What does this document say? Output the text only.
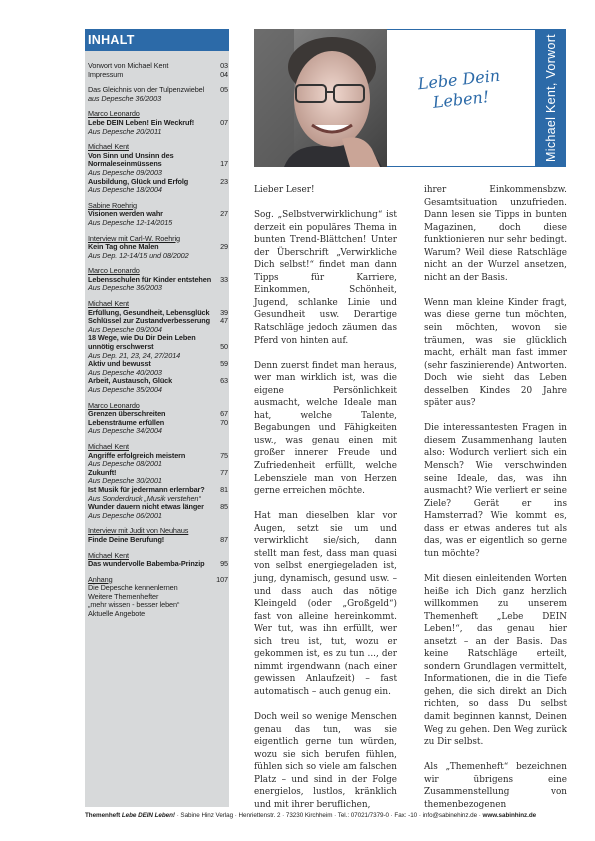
INHALT
Vorwort von Michael Kent	03
Impressum	04
Das Gleichnis von der Tulpenzwiebel 05
aus Depesche 36/2003
Marco Leonardo
Lebe DEIN Leben! Ein Weckruf!	07
Aus Depesche 20/2011
Michael Kent
Von Sinn und Unsinn des
Normaleseinmüssens	17
Aus Depesche 09/2003
Ausbildung, Glück und Erfolg	23
Aus Depesche 18/2004
Sabine Roehrig
Visionen werden wahr	27
Aus Depesche 12-14/2015
Interview mit Carl-W. Roehrig
Kein Tag ohne Malen	29
Aus Dep. 12-14/15 und 08/2002
Marco Leonardo
Lebensschulen für Kinder entstehen 33
Aus Depesche 36/2003
Michael Kent
Erfüllung, Gesundheit, Lebensglück 39
Schlüssel zur Zustandverbesserung 47
Aus Depesche 09/2004
18 Wege, wie Du Dir Dein Leben
unnötig erschwerst	50
Aus Dep. 21, 23, 24, 27/2014
Aktiv und bewusst	59
Aus Depesche 40/2003
Arbeit, Austausch, Glück	63
Aus Depesche 35/2004
Marco Leonardo
Grenzen überschreiten	67
Lebensträume erfüllen	70
Aus Depesche 34/2004
Michael Kent
Angriffe erfolgreich meistern	75
Aus Depesche 08/2001
Zukunft!	77
Aus Depesche 30/2001
Ist Musik für jedermann erlernbar? 81
Aus Sonderdruck „Musik verstehen“
Wunder dauern nicht etwas länger 85
Aus Depesche 06/2001
Interview mit Judit von Neuhaus
Finde Deine Berufung!	87
Michael Kent
Das wundervolle Babemba-Prinzip 95
Anhang	107
Die Depesche kennenlernen
Weitere Themenhefter
„mehr wissen - besser leben“
Aktuelle Angebote
Lebe Dein
Leben!	Michael Kent, Vorwort

Lieber Leser!

Sog. „Selbstverwirklichung“ ist derzeit ein populäres Thema in bunten Trend-Blättchen! Unter der Überschrift „Verwirkliche Dich selbst!“ findet man dann Tipps für Karriere, Einkommen, Schönheit, Jugend, schlanke Linie und Gesundheit usw. Derartige Ratschläge jedoch zäumen das Pferd von hinten auf.

Denn zuerst findet man heraus, wer man wirklich ist, was die eigene Persönlichkeit ausmacht, welche Ideale man hat, welche Talente, Begabungen und Fähigkeiten usw., was genau einen mit großer innerer Freude und Zufriedenheit erfüllt, welche Lebensziele man von Herzen gerne erreichen möchte.

Hat man dieselben klar vor Augen, setzt sie um und verwirklicht sie/sich, dann stellt man fest, dass man quasi von selbst energiegeladen ist, jung, dynamisch, gesund usw. – und dass auch das nötige Kleingeld (oder „Großgeld“) fast von alleine hereinkommt. Wer tut, was ihn erfüllt, wer sich treu ist, tut, wozu er gekommen ist, es zu tun ..., der nimmt irgendwann (nach einer gewissen Anlaufzeit) – fast automatisch – auch genug ein.

Doch weil so wenige Menschen genau das tun, was sie eigentlich gerne tun würden, wozu sie sich berufen fühlen, fühlen sich so viele am falschen Platz – und sind in der Folge energielos, lustlos, kränklich und mit ihrer beruflichen,

ihrer Einkommensbzw. Gesamtsituation unzufrieden. Dann lesen sie Tipps in bunten Magazinen, doch diese funktionieren nur sehr bedingt. Warum? Weil diese Ratschläge nicht an der Wurzel ansetzen, nicht an der Basis.

Wenn man kleine Kinder fragt, was diese gerne tun möchten, sein möchten, wovon sie träumen, was sie glücklich macht, erhält man fast immer (sehr faszinierende) Antworten. Doch wie sieht das Leben desselben Kindes 20 Jahre später aus?

Die interessantesten Fragen in diesem Zusammenhang lauten also: Wodurch verliert sich ein Mensch? Wie verschwinden seine Ideale, das, was ihn ausmacht? Wie verliert er seine Ziele? Gerät er ins Hamsterrad? Wie kommt es, dass er etwas anderes tut als das, was er eigentlich so gerne tun möchte?

Mit diesen einleitenden Worten heiße ich Dich ganz herzlich willkommen zu unserem Themenheft „Lebe DEIN Leben!“, das genau hier ansetzt – an der Basis. Das keine Ratschläge erteilt, sondern Grundlagen vermittelt, Informationen, die in die Tiefe gehen, die sich direkt an Dich richten, so dass Du selbst damit beginnen kannst, Deinen Weg zu gehen. Den Weg zurück zu Dir selbst.

Als „Themenheft“ bezeichnen wir übrigens eine Zusammenstellung von themenbezogenen

Themenheft Lebe DEIN Leben! · Sabine Hinz Verlag · Henriettenstr. 2 · 73230 Kirchheim · Tel.: 07021/7379-0 · Fax: -10 · info@sabinehinz.de · www.sabinhinz.de
